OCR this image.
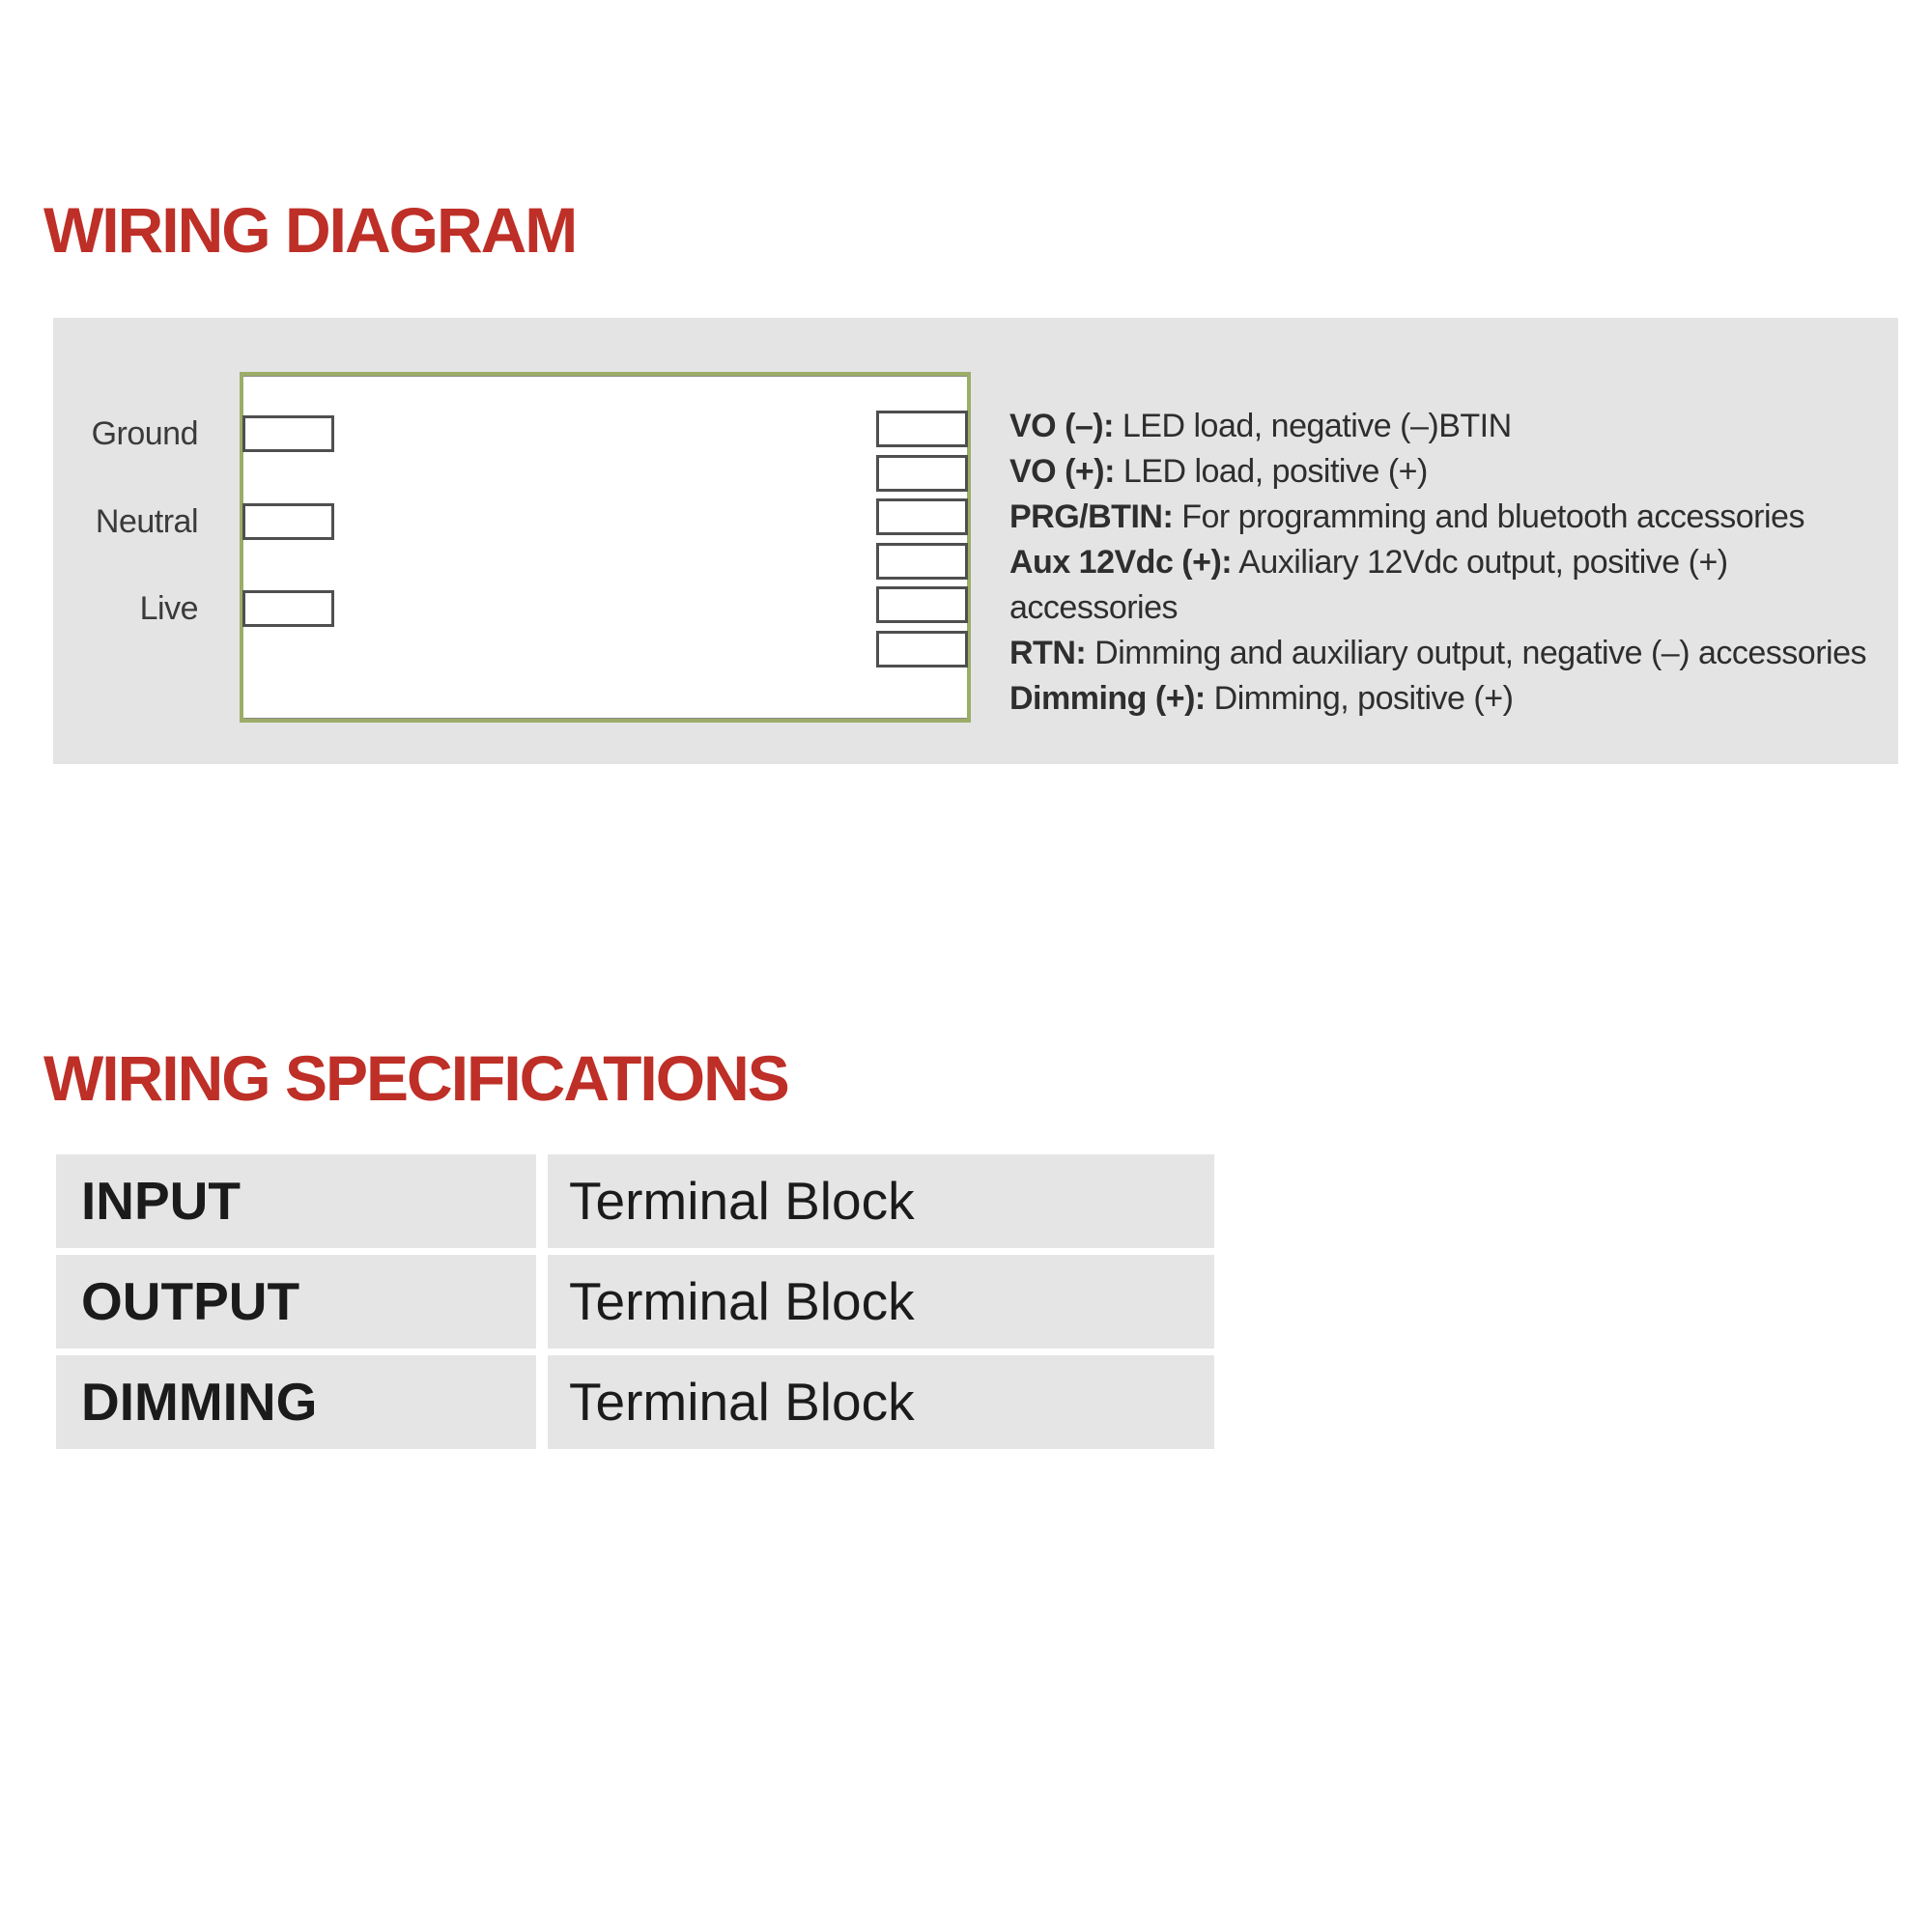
WIRING DIAGRAM
Ground
Neutral
Live
VO (–): LED load, negative (–)BTIN
VO (+): LED load, positive (+)
PRG/BTIN: For programming and bluetooth accessories
Aux 12Vdc (+): Auxiliary 12Vdc output, positive (+)
accessories
RTN: Dimming and auxiliary output, negative (–) accessories
Dimming (+): Dimming, positive (+)
WIRING SPECIFICATIONS
INPUT	Terminal Block
OUTPUT	Terminal Block
DIMMING	Terminal Block
